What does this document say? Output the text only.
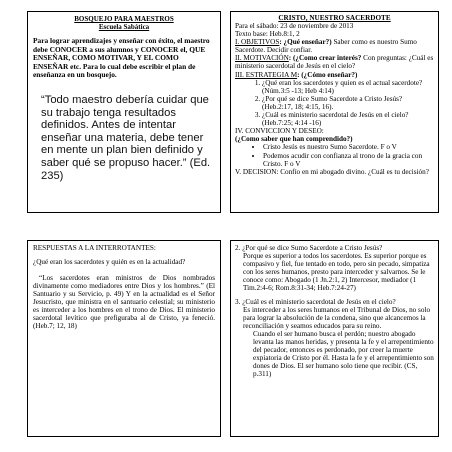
BOSQUEJO PARA MAESTROS
Escuela Sabática

Para lograr aprendizajes y enseñar con éxito, el maestro debe CONOCER a sus alumnos y CONOCER el, QUE ENSEÑAR, COMO MOTIVAR, Y EL COMO ENSEÑAR etc. Para lo cual debe escribir el plan de enseñanza en un bosquejo.

“Todo maestro debería cuidar que su trabajo tenga resultados definidos. Antes de intentar enseñar una materia, debe tener en mente un plan bien definido y saber qué se propuso hacer.” (Ed. 235)

CRISTO, NUESTRO SACERDOTE

Para el sábado: 23 de noviembre de 2013

Texto base: Heb.8:1, 2

I. OBJETIVOS: ¿Qué enseñar?) Saber como es nuestro Sumo Sacerdote. Decidir confiar.

II. MOTIVACIÓN: (¿Como crear interés? Con preguntas: ¿Cuál es ministerio sacerdotal de Jesús en el cielo?

III. ESTRATEGIA M: (¿Cómo enseñar?)

1. ¿Qué eran los sacerdotes y quien es el actual sacerdote? (Núm.3:5 -13; Heb 4:14)
2. ¿Por qué se dice Sumo Sacerdote a Cristo Jesús? (Heb.2:17, 18; 4:15, 16).
3. ¿Cuál es ministerio sacerdotal de Jesús en el cielo? (Heb.7:25; 4:14 -16)

IV. CONVICCION Y DESEO:

(¿Como saber que han comprendido?)

• Cristo Jesús es nuestro Sumo Sacerdote. F o V
• Podemos acudir con confianza al trono de la gracia con Cristo. F o V

V. DECISION: Confío en mi abogado divino. ¿Cuál es tu decisión?

RESPUESTAS A LA INTERROTANTES:

¿Qué eran los sacerdotes y quién es en la actualidad?

“Los sacerdotes eran ministros de Dios nombrados divinamente como mediadores entre Dios y los hombres.” (El Santuario y su Servicio, p. 49) Y en la actualidad es el Señor Jesucristo, que ministra en el santuario celestial; su ministerio es interceder a los hombres en el trono de Dios. El ministerio sacerdotal levítico que prefiguraba al de Cristo, ya feneció. (Heb.7; 12, 18)

2. ¿Por qué se dice Sumo Sacerdote a Cristo Jesús?

Porque es superior a todos los sacerdotes. Es superior porque es compasivo y fiel, fue tentado en todo, pero sin pecado, simpatiza con los seres humanos, presto para interceder y salvarnos. Se le conoce como: Abogado (1 Jn.2:1, 2) Intercesor, mediador (1 Tim.2:4-6; Rom.8:31-34; Heb.7:24-27)

3. ¿Cuál es el ministerio sacerdotal de Jesús en el cielo?

Es interceder a los seres humanos en el Tribunal de Dios, no solo para lograr la absolución de la condena, sino que alcancemos la reconciliación y seamos educados para su reino.

Cuando el ser humano busca el perdón; nuestro abogado levanta las manos heridas, y presenta la fe y el arrepentimiento del pecador, entonces es perdonado, por creer la muerte expiatoria de Cristo por él. Hasta la fe y el arrepentimiento son dones de Dios. El ser humano solo tiene que recibir. (CS, p.311)
